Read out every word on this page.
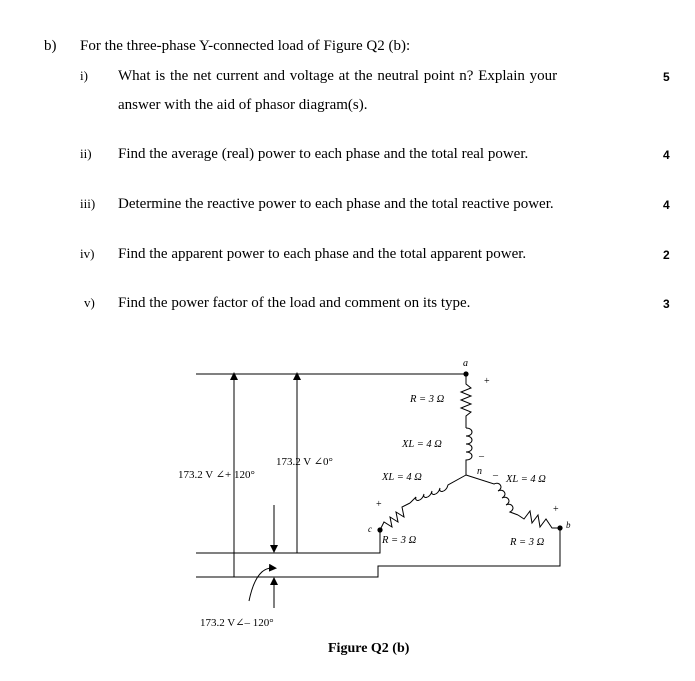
b) For the three-phase Y-connected load of Figure Q2 (b):
i) What is the net current and voltage at the neutral point n? Explain your
answer with the aid of phasor diagram(s).
5
ii) Find the average (real) power to each phase and the total real power.	4
iii) Determine the reactive power to each phase and the total reactive power.	4
iv) Find the apparent power to each phase and the total apparent power.	2
v) Find the power factor of the load and comment on its type.	3
173.2 V ∠0°
173.2 V ∠+ 120°
173.2 V∠– 120°
a
+
_
R = 3 Ω
XL = 4 Ω
n
XL = 4 Ω
+
c
R = 3 Ω
_
XL = 4 Ω
+
b
R = 3 Ω
Figure Q2 (b)
